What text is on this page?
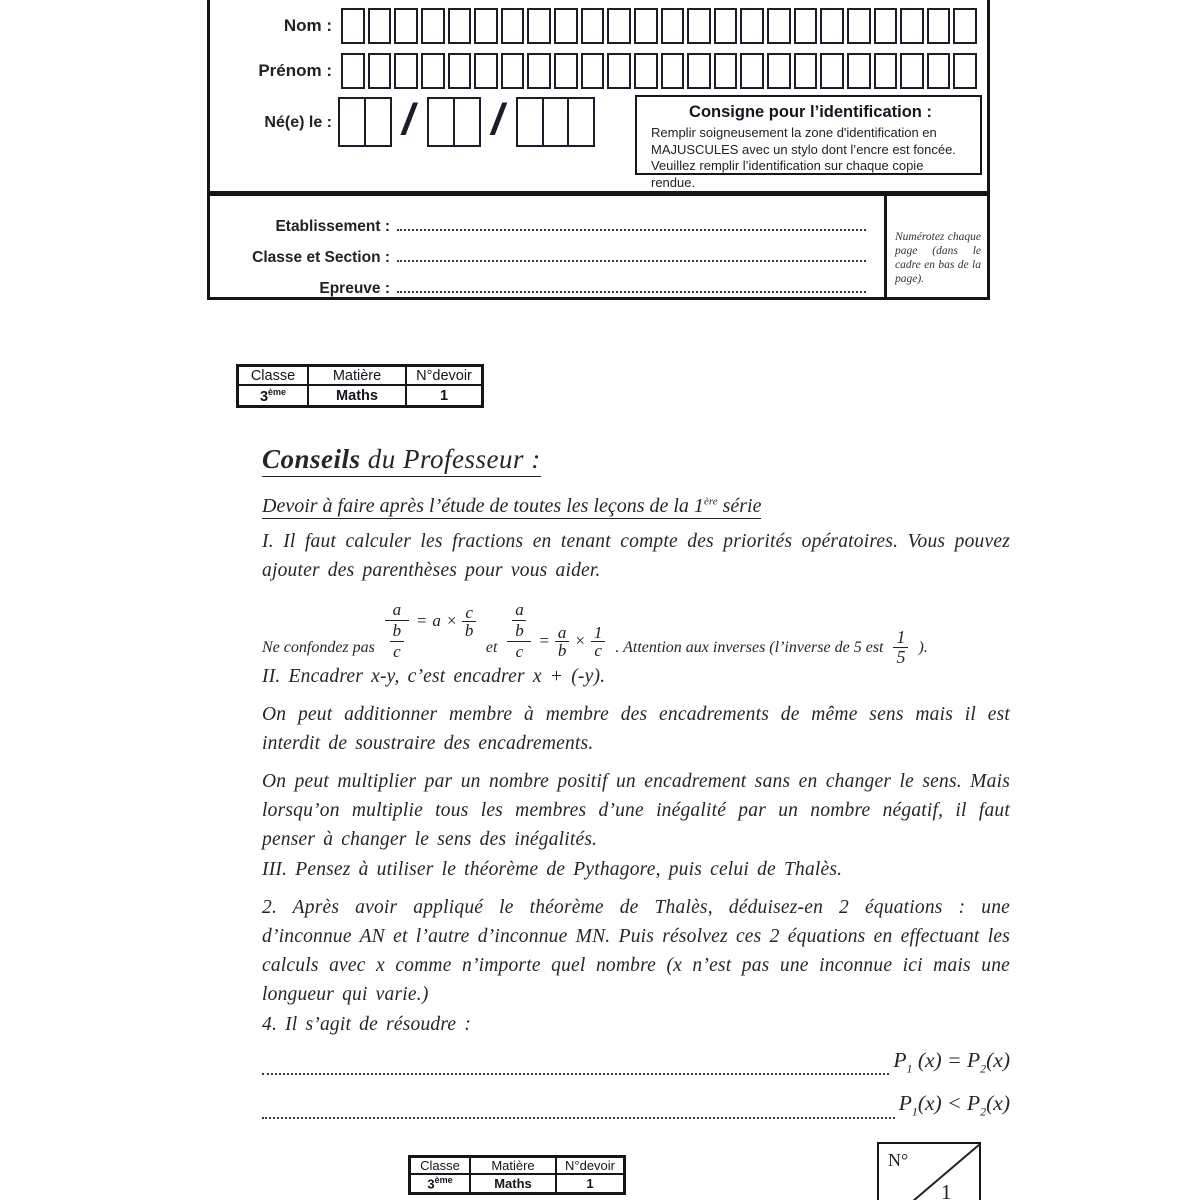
Nom :
Prénom :
Né(e) le : / /	Consigne pour l’identification :
Remplir soigneusement la zone d'identification en MAJUSCULES avec un stylo dont l’encre est foncée. Veuillez remplir l’identification sur chaque copie rendue.
Etablissement :
Classe et Section :
Epreuve :
Numérotez chaque page (dans le cadre en bas de la page).
Classe	Matière	N°devoir
3ème	Maths	1
Conseils du Professeur :
Devoir à faire après l’étude de toutes les leçons de la 1ère série
I. Il faut calculer les fractions en tenant compte des priorités opératoires. Vous pouvez ajouter des parenthèses pour vous aider.
Ne confondez pas
a
b
c
= $a \times \frac{c}{b}$
et
a
b
c
= $\frac{a}{b} \times \frac{1}{c}$ . Attention aux inverses (l’inverse de 5 est $\frac{1}{5}$ ).
II. Encadrer x-y, c’est encadrer x + (-y).
On peut additionner membre à membre des encadrements de même sens mais il est interdit de soustraire des encadrements.
On peut multiplier par un nombre positif un encadrement sans en changer le sens. Mais lorsqu’on multiplie tous les membres d’une inégalité par un nombre négatif, il faut penser à changer le sens des inégalités.
III. Pensez à utiliser le théorème de Pythagore, puis celui de Thalès.
2. Après avoir appliqué le théorème de Thalès, déduisez-en 2 équations : une d’inconnue AN et l’autre d’inconnue MN. Puis résolvez ces 2 équations en effectuant les calculs avec x comme n’importe quel nombre (x n’est pas une inconnue ici mais une longueur qui varie.)
4. Il s’agit de résoudre :
$P_1$ $(x) = P_2(x)$
$P_1(x) < P_2(x)$
Classe	Matière	N°devoir
3ème	Maths	1
N°
1
